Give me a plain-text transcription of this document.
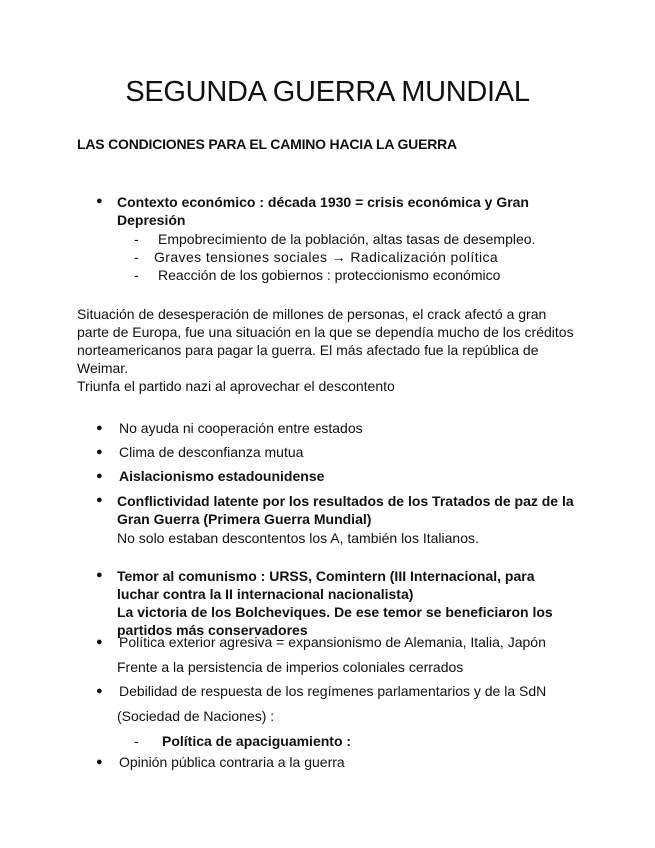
SEGUNDA GUERRA MUNDIAL
LAS CONDICIONES PARA EL CAMINO HACIA LA GUERRA
● Contexto económico : década 1930 = crisis económica y Gran Depresión
- Empobrecimiento de la población, altas tasas de desempleo.
- Graves tensiones sociales → Radicalización política
- Reacción de los gobiernos : proteccionismo económico
Situación de desesperación de millones de personas, el crack afectó a gran
parte de Europa, fue una situación en la que se dependía mucho de los créditos
norteamericanos para pagar la guerra. El más afectado fue la república de
Weimar.
Triunfa el partido nazi al aprovechar el descontento
● No ayuda ni cooperación entre estados
● Clima de desconfianza mutua
● Aislacionismo estadounidense
● Conflictividad latente por los resultados de los Tratados de paz de la Gran Guerra (Primera Guerra Mundial)
No solo estaban descontentos los A, también los Italianos.
● Temor al comunismo : URSS, Comintern (III Internacional, para luchar contra la II internacional nacionalista)
La victoria de los Bolcheviques. De ese temor se beneficiaron los partidos más conservadores
● Política exterior agresiva = expansionismo de Alemania, Italia, Japón
Frente a la persistencia de imperios coloniales cerrados
● Debilidad de respuesta de los regímenes parlamentarios y de la SdN
(Sociedad de Naciones) :
- Política de apaciguamiento :
● Opinión pública contraria a la guerra
